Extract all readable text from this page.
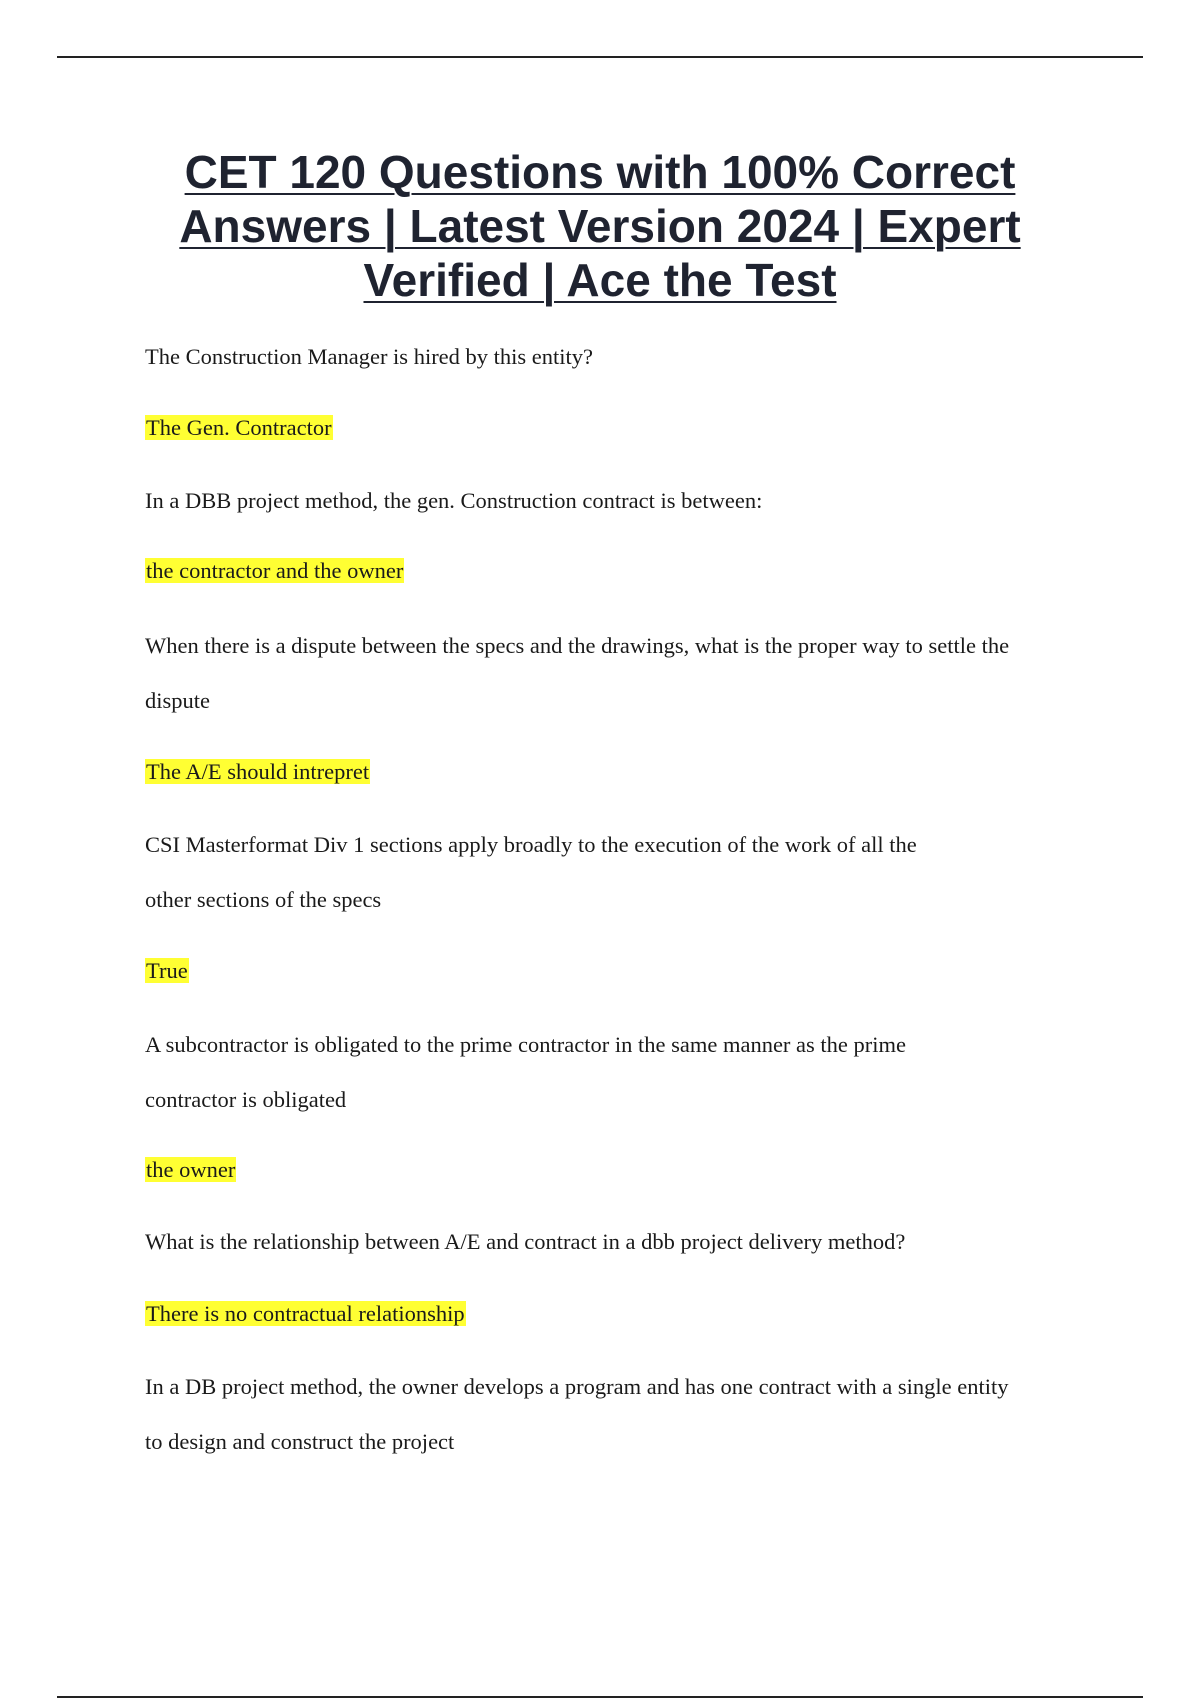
CET 120 Questions with 100% Correct Answers | Latest Version 2024 | Expert Verified | Ace the Test

The Construction Manager is hired by this entity?

The Gen. Contractor

In a DBB project method, the gen. Construction contract is between:

the contractor and the owner

When there is a dispute between the specs and the drawings, what is the proper way to settle the

dispute

The A/E should intrepret

CSI Masterformat Div 1 sections apply broadly to the execution of the work of all the

other sections of the specs

True

A subcontractor is obligated to the prime contractor in the same manner as the prime

contractor is obligated

the owner

What is the relationship between A/E and contract in a dbb project delivery method?

There is no contractual relationship

In a DB project method, the owner develops a program and has one contract with a single entity

to design and construct the project
